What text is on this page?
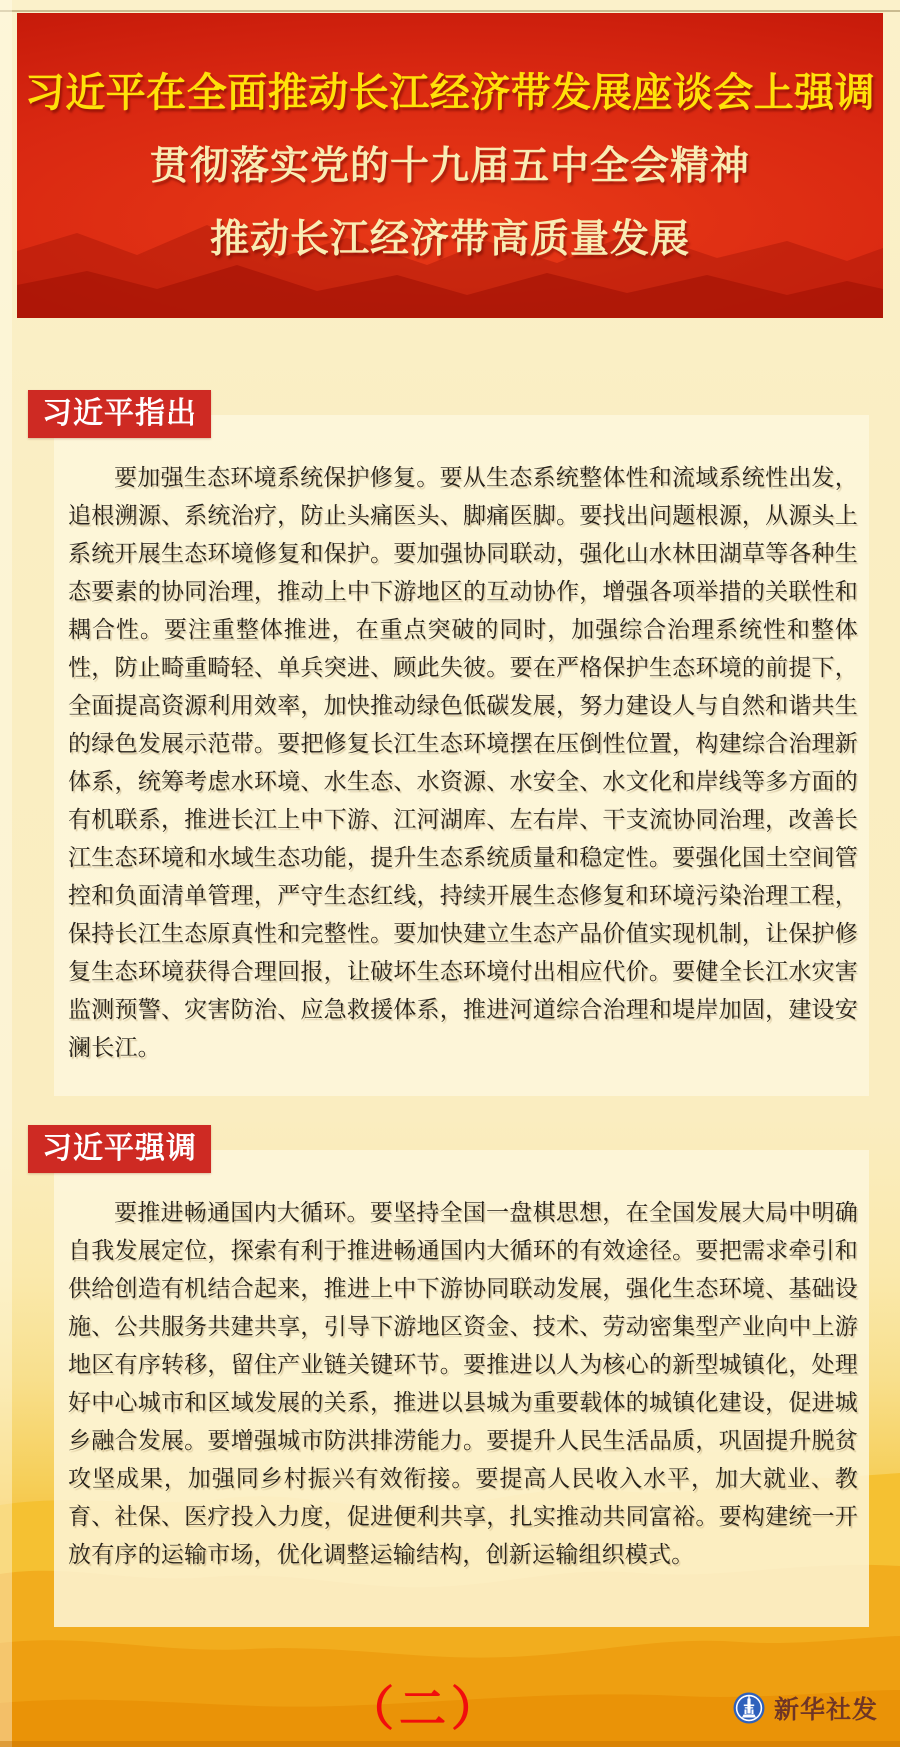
习近平在全面推动长江经济带发展座谈会上强调
贯彻落实党的十九届五中全会精神
推动长江经济带高质量发展
习近平指出

要加强生态环境系统保护修复。要从生态系统整体性和流域系统性出发，追根溯源、系统治疗，防止头痛医头、脚痛医脚。要找出问题根源，从源头上系统开展生态环境修复和保护。要加强协同联动，强化山水林田湖草等各种生态要素的协同治理，推动上中下游地区的互动协作，增强各项举措的关联性和耦合性。要注重整体推进，在重点突破的同时，加强综合治理系统性和整体性，防止畸重畸轻、单兵突进、顾此失彼。要在严格保护生态环境的前提下，全面提高资源利用效率，加快推动绿色低碳发展，努力建设人与自然和谐共生的绿色发展示范带。要把修复长江生态环境摆在压倒性位置，构建综合治理新体系，统筹考虑水环境、水生态、水资源、水安全、水文化和岸线等多方面的有机联系，推进长江上中下游、江河湖库、左右岸、干支流协同治理，改善长江生态环境和水域生态功能，提升生态系统质量和稳定性。要强化国土空间管控和负面清单管理，严守生态红线，持续开展生态修复和环境污染治理工程，保持长江生态原真性和完整性。要加快建立生态产品价值实现机制，让保护修复生态环境获得合理回报，让破坏生态环境付出相应代价。要健全长江水灾害监测预警、灾害防治、应急救援体系，推进河道综合治理和堤岸加固，建设安澜长江。

习近平强调

要推进畅通国内大循环。要坚持全国一盘棋思想，在全国发展大局中明确自我发展定位，探索有利于推进畅通国内大循环的有效途径。要把需求牵引和供给创造有机结合起来，推进上中下游协同联动发展，强化生态环境、基础设施、公共服务共建共享，引导下游地区资金、技术、劳动密集型产业向中上游地区有序转移，留住产业链关键环节。要推进以人为核心的新型城镇化，处理好中心城市和区域发展的关系，推进以县城为重要载体的城镇化建设，促进城乡融合发展。要增强城市防洪排涝能力。要提升人民生活品质，巩固提升脱贫攻坚成果，加强同乡村振兴有效衔接。要提高人民收入水平，加大就业、教育、社保、医疗投入力度，促进便利共享，扎实推动共同富裕。要构建统一开放有序的运输市场，优化调整运输结构，创新运输组织模式。

（二）	新华社发
